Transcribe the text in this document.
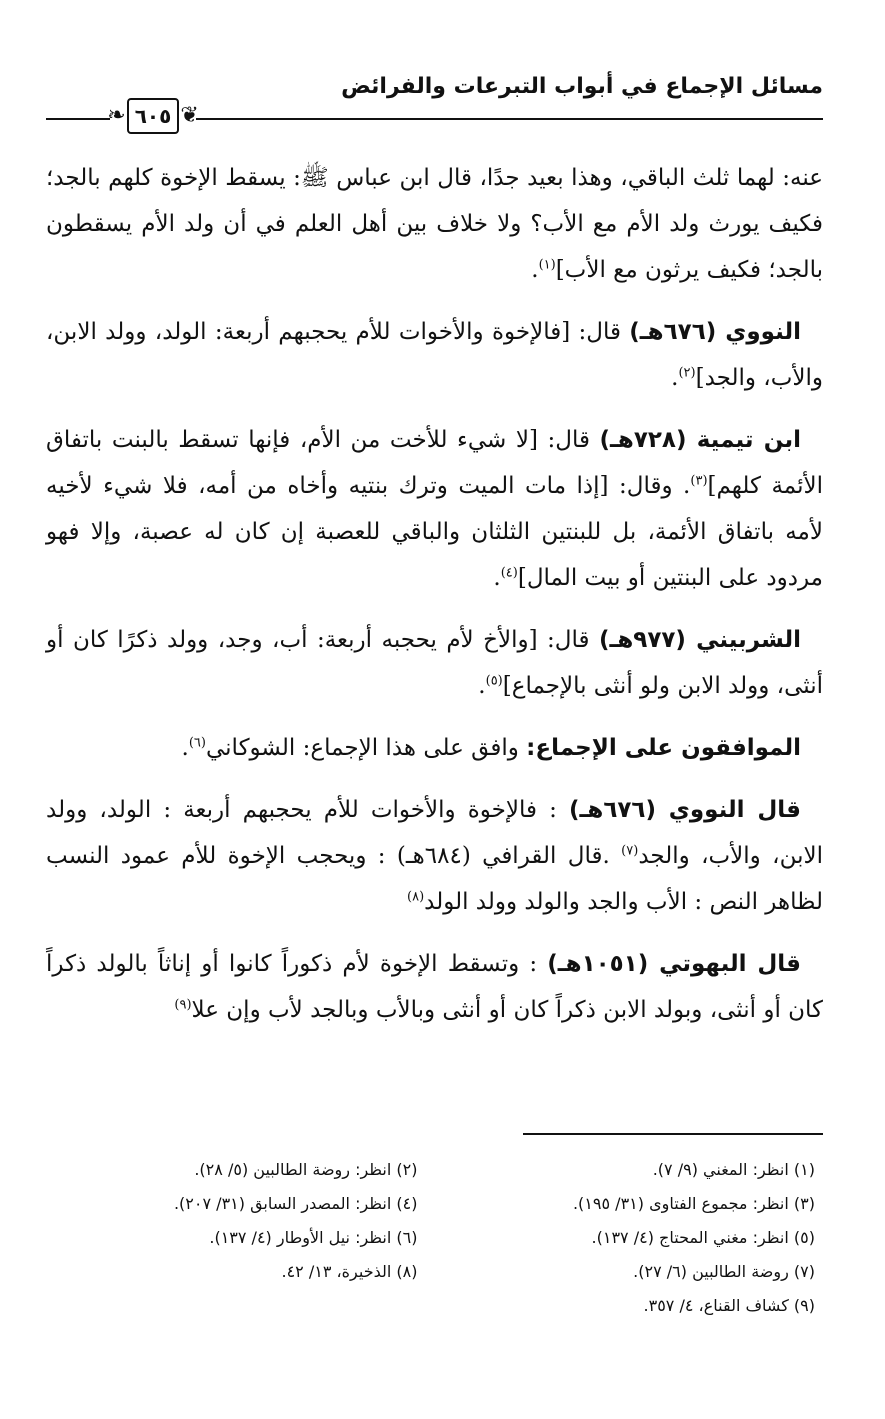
مسائل الإجماع في أبواب التبرعات والفرائض
❦
٦٠٥
❧

عنه: لهما ثلث الباقي، وهذا بعيد جدًا، قال ابن عباس ﷺ: يسقط الإخوة كلهم بالجد؛ فكيف يورث ولد الأم مع الأب؟ ولا خلاف بين أهل العلم في أن ولد الأم يسقطون بالجد؛ فكيف يرثون مع الأب]$^{(١)}$.

النووي (٦٧٦هـ) قال: [فالإخوة والأخوات للأم يحجبهم أربعة: الولد، وولد الابن، والأب، والجد]$^{(٢)}$.

ابن تيمية (٧٢٨هـ) قال: [لا شيء للأخت من الأم، فإنها تسقط بالبنت باتفاق الأئمة كلهم]$^{(٣)}$. وقال: [إذا مات الميت وترك بنتيه وأخاه من أمه، فلا شيء لأخيه لأمه باتفاق الأئمة، بل للبنتين الثلثان والباقي للعصبة إن كان له عصبة، وإلا فهو مردود على البنتين أو بيت المال]$^{(٤)}$.

الشربيني (٩٧٧هـ) قال: [والأخ لأم يحجبه أربعة: أب، وجد، وولد ذكرًا كان أو أنثى، وولد الابن ولو أنثى بالإجماع]$^{(٥)}$.

الموافقون على الإجماع: وافق على هذا الإجماع: الشوكاني$^{(٦)}$.

قال النووي (٦٧٦هـ) : فالإخوة والأخوات للأم يحجبهم أربعة : الولد، وولد الابن، والأب، والجد$^{(٧)}$ .قال القرافي (٦٨٤هـ) : ويحجب الإخوة للأم عمود النسب لظاهر النص : الأب والجد والولد وولد الولد$^{(٨)}$

قال البهوتي (١٠٥١هـ) : وتسقط الإخوة لأم ذكوراً كانوا أو إناثاً بالولد ذكراً كان أو أنثى، وبولد الابن ذكراً كان أو أنثى وبالأب وبالجد لأب وإن علا$^{(٩)}$

(١) انظر: المغني (٩/ ٧).
(٢) انظر: روضة الطالبين (٥/ ٢٨).
(٣) انظر: مجموع الفتاوى (٣١/ ١٩٥).
(٤) انظر: المصدر السابق (٣١/ ٢٠٧).
(٥) انظر: مغني المحتاج (٤/ ١٣٧).
(٦) انظر: نيل الأوطار (٤/ ١٣٧).
(٧) روضة الطالبين (٦/ ٢٧).
(٨) الذخيرة، ١٣/ ٤٢.
(٩) كشاف القناع، ٤/ ٣٥٧.
